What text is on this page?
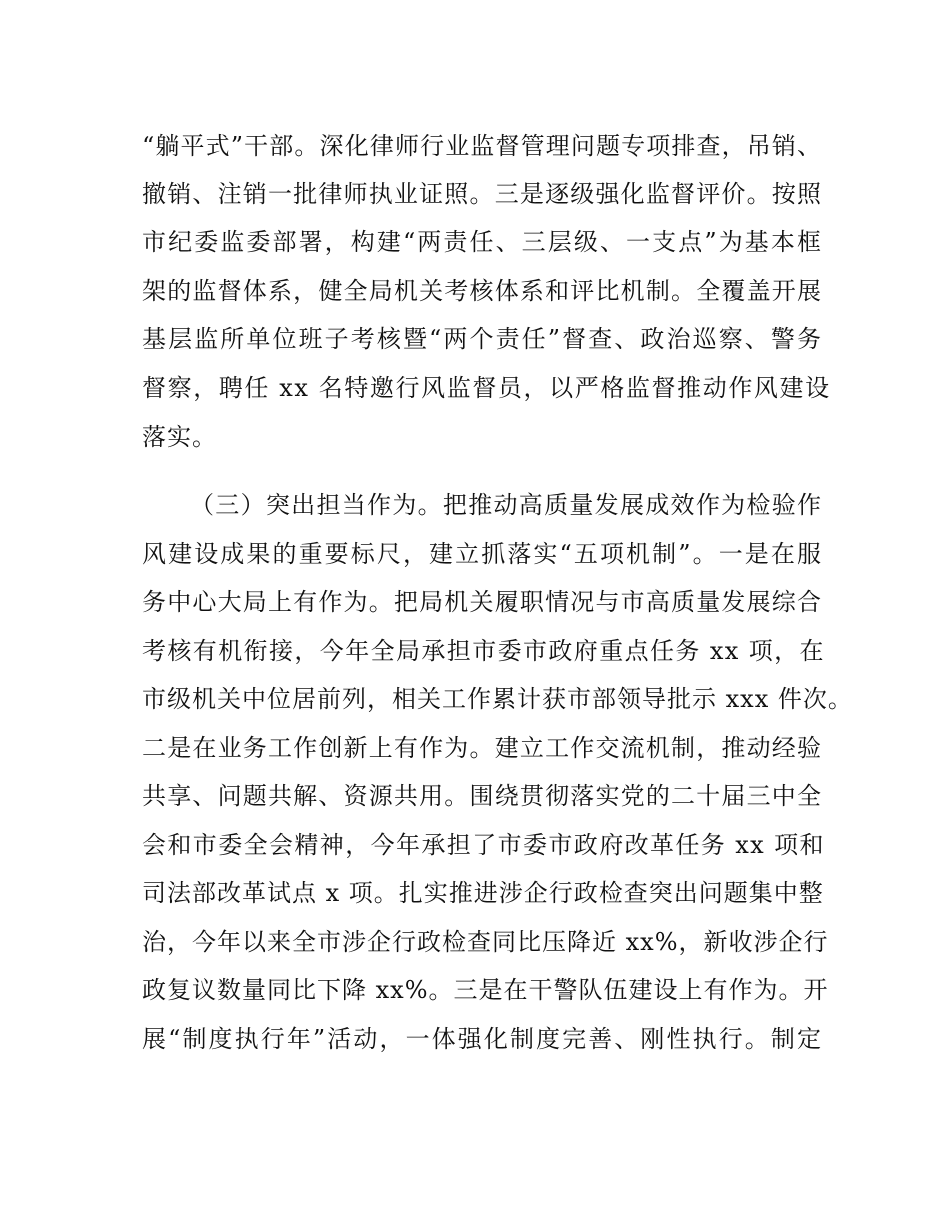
“躺平式”干部。深化律师行业监督管理问题专项排查，吊销、
撤销、注销一批律师执业证照。三是逐级强化监督评价。按照
市纪委监委部署，构建“两责任、三层级、一支点”为基本框
架的监督体系，健全局机关考核体系和评比机制。全覆盖开展
基层监所单位班子考核暨“两个责任”督查、政治巡察、警务
督察，聘任 xx 名特邀行风监督员，以严格监督推动作风建设
落实。
（三）突出担当作为。把推动高质量发展成效作为检验作
风建设成果的重要标尺，建立抓落实“五项机制”。一是在服
务中心大局上有作为。把局机关履职情况与市高质量发展综合
考核有机衔接，今年全局承担市委市政府重点任务 xx 项，在
市级机关中位居前列，相关工作累计获市部领导批示 xxx 件次。
二是在业务工作创新上有作为。建立工作交流机制，推动经验
共享、问题共解、资源共用。围绕贯彻落实党的二十届三中全
会和市委全会精神，今年承担了市委市政府改革任务 xx 项和
司法部改革试点 x 项。扎实推进涉企行政检查突出问题集中整
治，今年以来全市涉企行政检查同比压降近 xx%，新收涉企行
政复议数量同比下降 xx%。三是在干警队伍建设上有作为。开
展“制度执行年”活动，一体强化制度完善、刚性执行。制定
